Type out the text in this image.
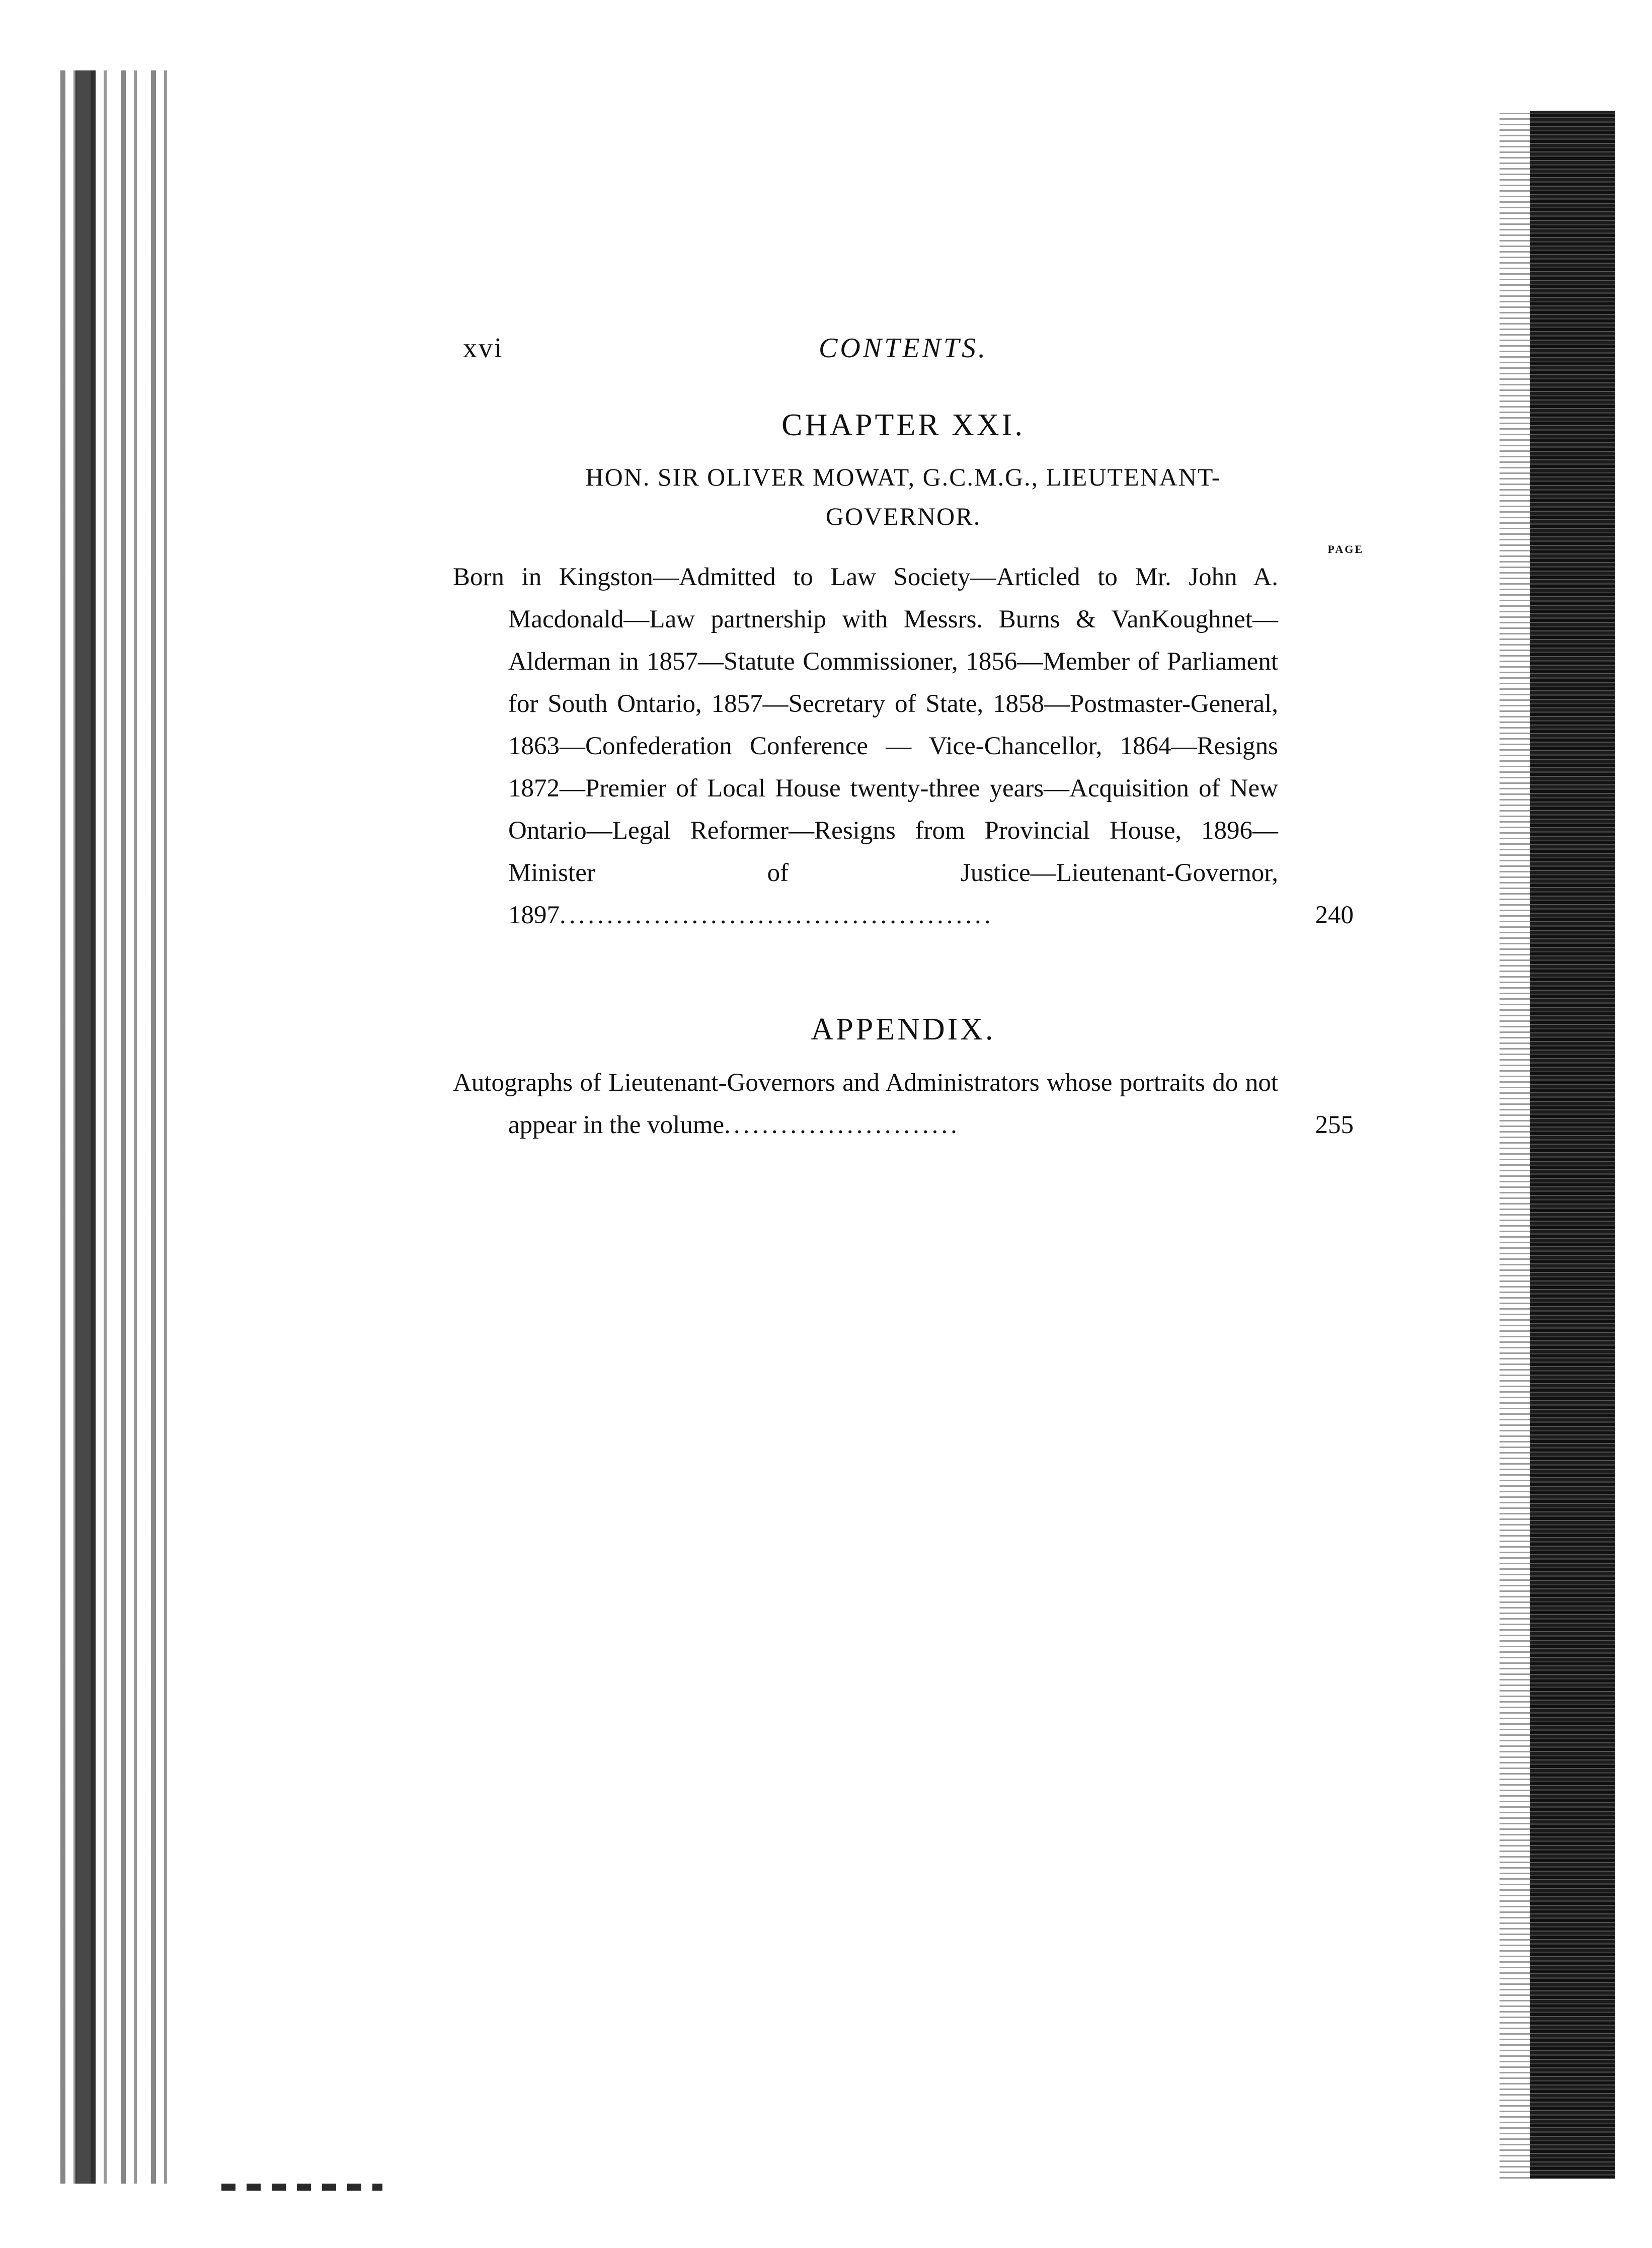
xvi	CONTENTS.
CHAPTER XXI.
HON. SIR OLIVER MOWAT, G.C.M.G., LIEUTENANT-
GOVERNOR.
PAGE
Born in Kingston—Admitted to Law Society—Articled to Mr. John A. Macdonald—Law partnership with Messrs. Burns & VanKoughnet—Alderman in 1857—Statute Commissioner, 1856—Member of Parliament for South Ontario, 1857—Secretary of State, 1858—Postmaster-General, 1863—Confederation Conference — Vice-Chancellor, 1864—Resigns 1872—Premier of Local House twenty-three years—Acquisition of New Ontario—Legal Reformer—Resigns from Provincial House, 1896—Minister of Justice—Lieutenant-Governor, 1897..............................................	240
APPENDIX.
Autographs of Lieutenant-Governors and Administrators whose portraits do not appear in the volume.........................	255
